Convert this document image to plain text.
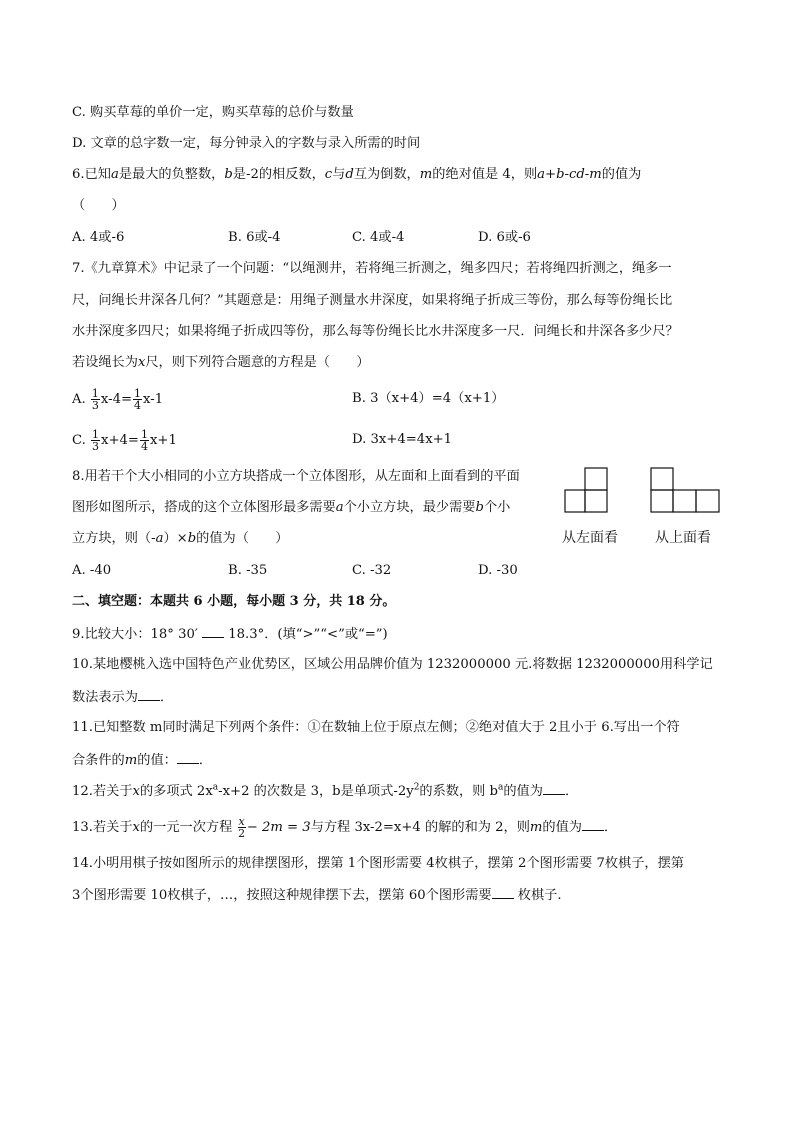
C. 购买草莓的单价一定，购买草莓的总价与数量
D. 文章的总字数一定，每分钟录入的字数与录入所需的时间
6.已知a是最大的负整数，b是-2的相反数，c与d互为倒数，m的绝对值是 4，则a+b-cd-m的值为
（　　）
A. 4或-6	B. 6或-4	C. 4或-4	D. 6或-6
7.《九章算术》中记录了一个问题：“以绳测井，若将绳三折测之，绳多四尺；若将绳四折测之，绳多一
尺，问绳长井深各几何？”其题意是：用绳子测量水井深度，如果将绳子折成三等份，那么每等份绳长比
水井深度多四尺；如果将绳子折成四等份，那么每等份绳长比水井深度多一尺．问绳长和井深各多少尺？
若设绳长为x尺，则下列符合题意的方程是（　　）
A. $\frac{1}{3} x-4= \frac{1}{4} x-1$	B. 3（x+4）=4（x+1）
C. $\frac{1}{3} x+4= \frac{1}{4} x+1$	D. 3x+4=4x+1
8.用若干个大小相同的小立方块搭成一个立体图形，从左面和上面看到的平面
图形如图所示，搭成的这个立体图形最多需要a个小立方块，最少需要b个小
立方块，则（-a）×b的值为（　　）	从左面看	从上面看
A. -40	B. -35	C. -32	D. -30
二、填空题：本题共 6 小题，每小题 3 分，共 18 分。
9.比较大小：18° 30′ 18.3°．(填“>”“<”或“=”)
10.某地樱桃入选中国特色产业优势区，区域公用品牌价值为 1232000000 元.将数据 1232000000用科学记
数法表示为 ．
11.已知整数 m同时满足下列两个条件：①在数轴上位于原点左侧；②绝对值大于 2且小于 6.写出一个符
合条件的m的值： ．
12.若关于x的多项式 $2x^a-x+2$ 的次数是 3，b是单项式$-2y^2$的系数，则 $b^a$的值为 ．
13.若关于x的一元一次方程 $\frac{x}{2} - 2m = 3$与方程 3x-2=x+4 的解的和为 2，则m的值为 ．
14.小明用棋子按如图所示的规律摆图形，摆第 1个图形需要 4枚棋子，摆第 2个图形需要 7枚棋子，摆第
3个图形需要 10枚棋子，…，按照这种规律摆下去，摆第 60个图形需要 枚棋子.
